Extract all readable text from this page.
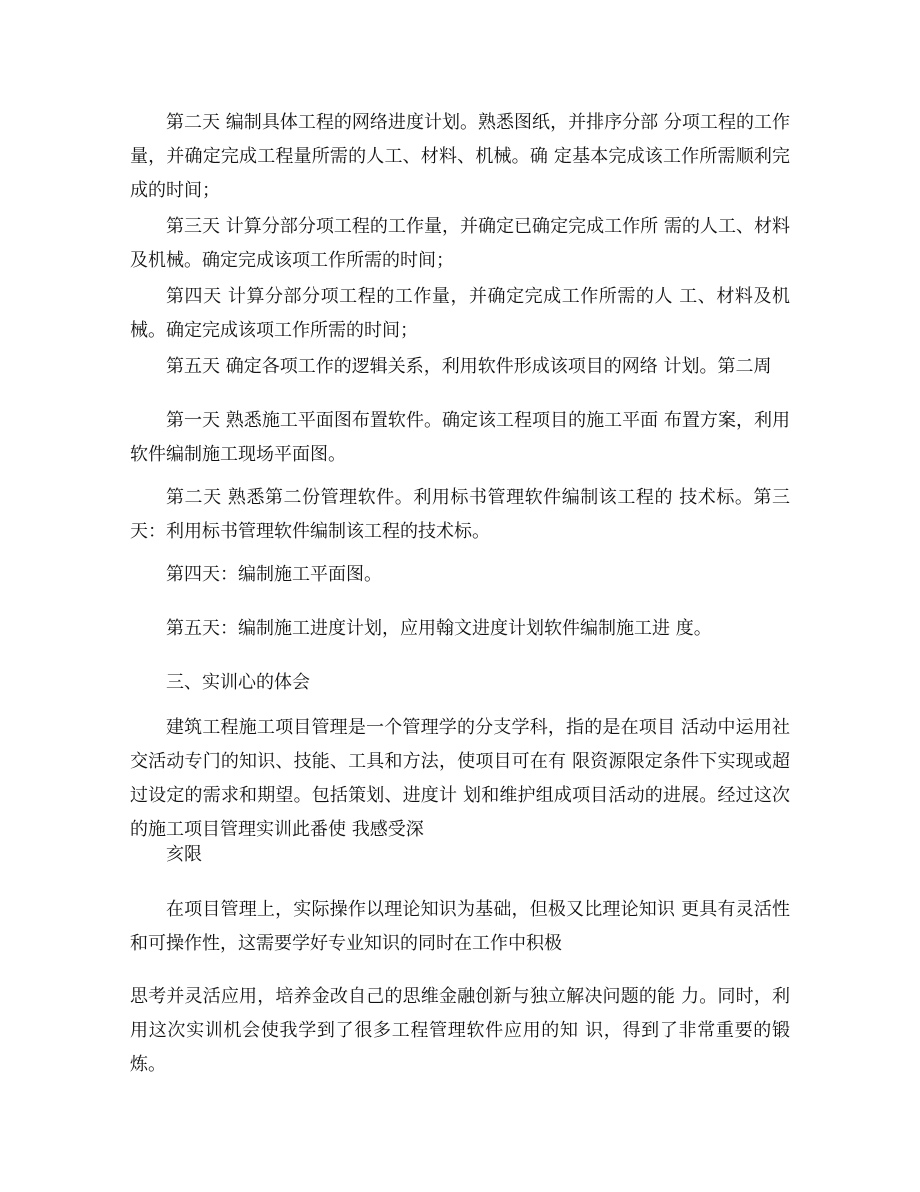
第二天 编制具体工程的网络进度计划。熟悉图纸，并排序分部 分项工程的工作量，并确定完成工程量所需的人工、材料、机械。确 定基本完成该工作所需顺利完成的时间；

第三天 计算分部分项工程的工作量，并确定已确定完成工作所 需的人工、材料及机械。确定完成该项工作所需的时间；

第四天 计算分部分项工程的工作量，并确定完成工作所需的人 工、材料及机械。确定完成该项工作所需的时间；

第五天 确定各项工作的逻辑关系，利用软件形成该项目的网络 计划。第二周

第一天 熟悉施工平面图布置软件。确定该工程项目的施工平面 布置方案，利用软件编制施工现场平面图。

第二天 熟悉第二份管理软件。利用标书管理软件编制该工程的 技术标。第三天：利用标书管理软件编制该工程的技术标。

第四天：编制施工平面图。

第五天：编制施工进度计划，应用翰文进度计划软件编制施工进 度。

三、实训心的体会

建筑工程施工项目管理是一个管理学的分支学科，指的是在项目 活动中运用社交活动专门的知识、技能、工具和方法，使项目可在有 限资源限定条件下实现或超过设定的需求和期望。包括策划、进度计 划和维护组成项目活动的进展。经过这次的施工项目管理实训此番使 我感受深

亥限

在项目管理上，实际操作以理论知识为基础，但极又比理论知识 更具有灵活性和可操作性，这需要学好专业知识的同时在工作中积极

思考并灵活应用，培养金改自己的思维金融创新与独立解决问题的能 力。同时，利用这次实训机会使我学到了很多工程管理软件应用的知 识，得到了非常重要的锻炼。
